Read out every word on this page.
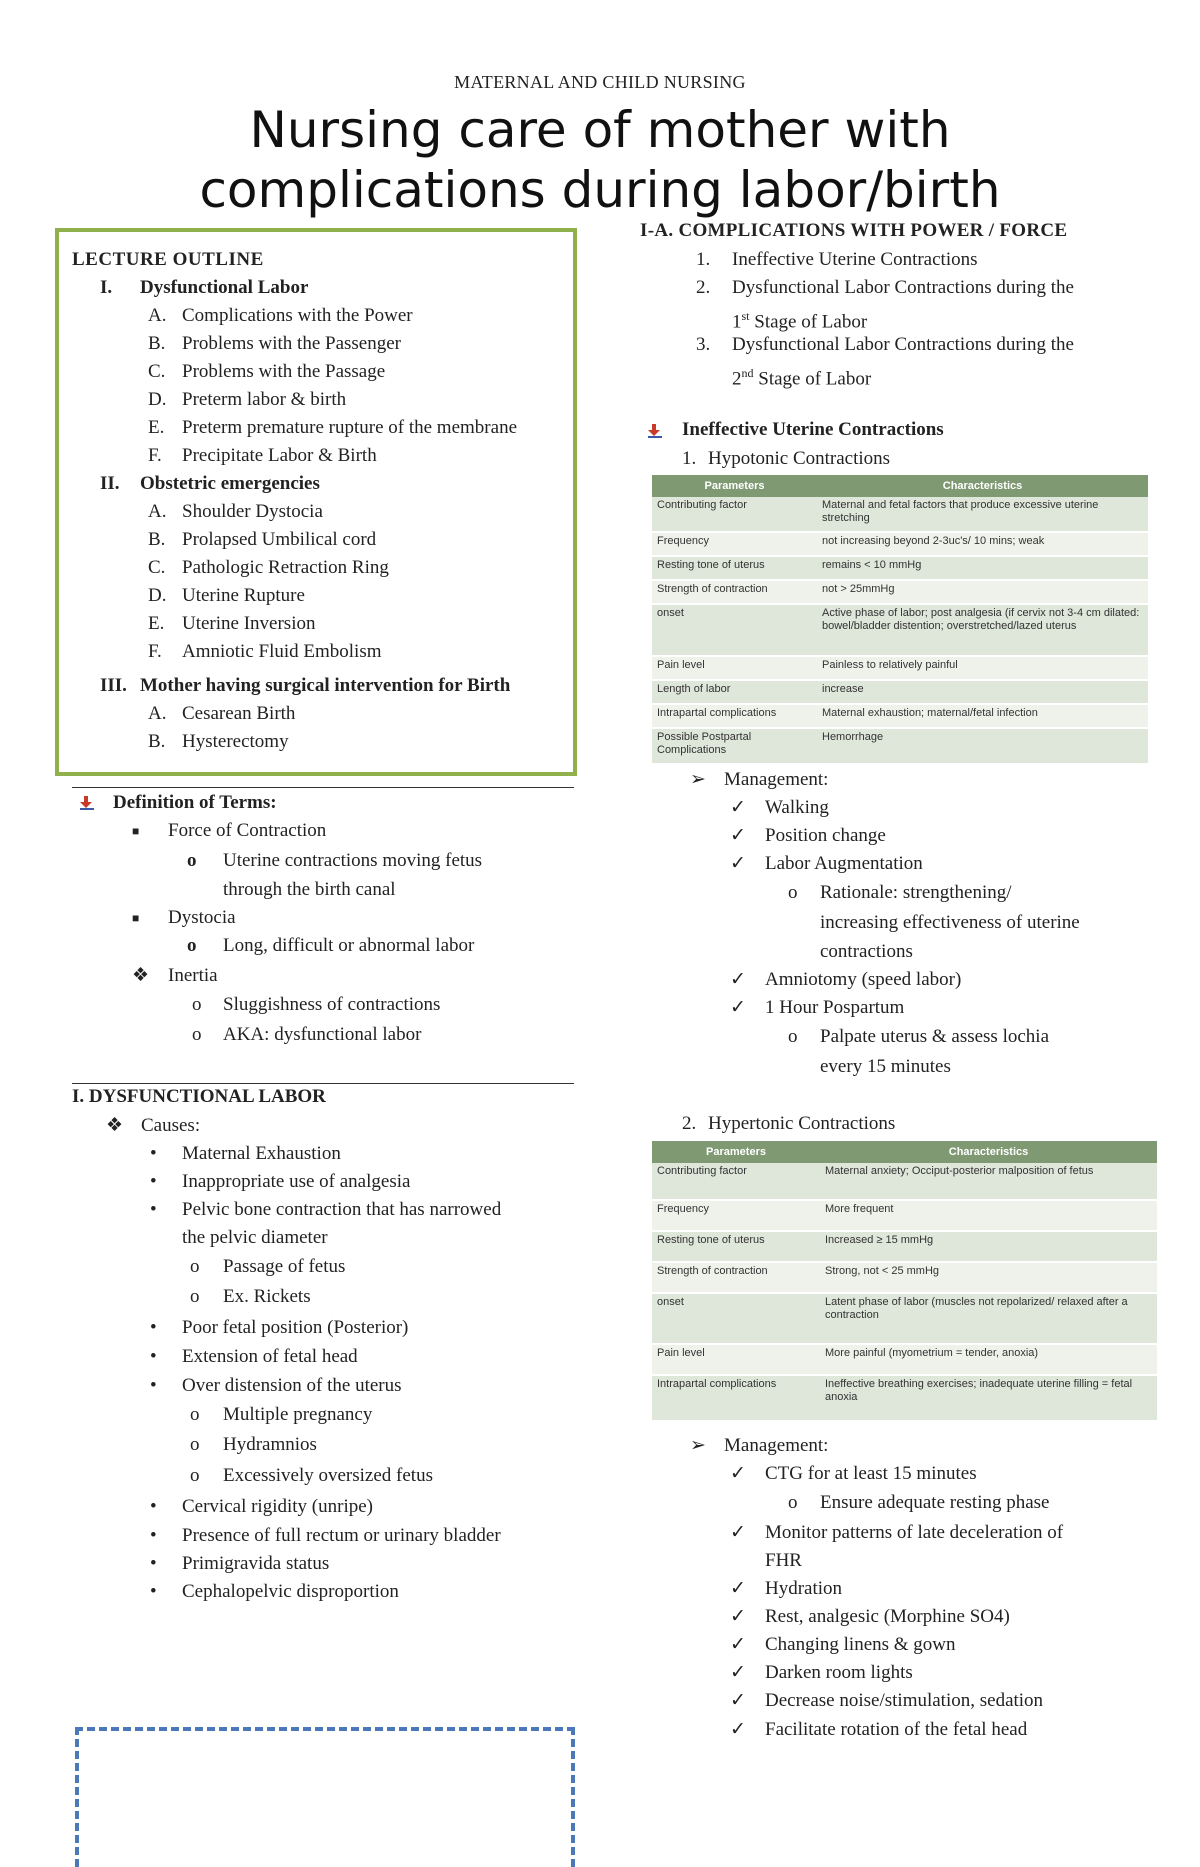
MATERNAL AND CHILD NURSING
Nursing care of mother with
complications during labor/birth
LECTURE OUTLINE
I. Dysfunctional Labor
A. Complications with the Power
B. Problems with the Passenger
C. Problems with the Passage
D. Preterm labor & birth
E. Preterm premature rupture of the membrane
F. Precipitate Labor & Birth
II. Obstetric emergencies
A. Shoulder Dystocia
B. Prolapsed Umbilical cord
C. Pathologic Retraction Ring
D. Uterine Rupture
E. Uterine Inversion
F. Amniotic Fluid Embolism
III. Mother having surgical intervention for Birth
A. Cesarean Birth
B. Hysterectomy
Definition of Terms:
■ Force of Contraction
o Uterine contractions moving fetus
through the birth canal
■ Dystocia
o Long, difficult or abnormal labor
❖ Inertia
o Sluggishness of contractions
o AKA: dysfunctional labor
I. DYSFUNCTIONAL LABOR
❖ Causes:
• Maternal Exhaustion
• Inappropriate use of analgesia
• Pelvic bone contraction that has narrowed
the pelvic diameter
o Passage of fetus
o Ex. Rickets
• Poor fetal position (Posterior)
• Extension of fetal head
• Over distension of the uterus
o Multiple pregnancy
o Hydramnios
o Excessively oversized fetus
• Cervical rigidity (unripe)
• Presence of full rectum or urinary bladder
• Primigravida status
• Cephalopelvic disproportion
I-A. COMPLICATIONS WITH POWER / FORCE
1. Ineffective Uterine Contractions
2. Dysfunctional Labor Contractions during the
1st Stage of Labor
3. Dysfunctional Labor Contractions during the
2nd Stage of Labor
Ineffective Uterine Contractions
1. Hypotonic Contractions
Parameters	Characteristics
Contributing factor	Maternal and fetal factors that produce excessive uterine stretching
Frequency	not increasing beyond 2-3uc's/ 10 mins; weak
Resting tone of uterus	remains < 10 mmHg
Strength of contraction	not > 25mmHg
onset	Active phase of labor; post analgesia (if cervix not 3-4 cm dilated: bowel/bladder distention; overstretched/lazed uterus
Pain level	Painless to relatively painful
Length of labor	increase
Intrapartal complications	Maternal exhaustion; maternal/fetal infection
Possible Postpartal Complications	Hemorrhage
➢ Management:
✓ Walking
✓ Position change
✓ Labor Augmentation
o Rationale: strengthening/
increasing effectiveness of uterine
contractions
✓ Amniotomy (speed labor)
✓ 1 Hour Pospartum
o Palpate uterus & assess lochia
every 15 minutes
2. Hypertonic Contractions
Parameters	Characteristics
Contributing factor	Maternal anxiety; Occiput-posterior malposition of fetus
Frequency	More frequent
Resting tone of uterus	Increased ≥ 15 mmHg
Strength of contraction	Strong, not < 25 mmHg
onset	Latent phase of labor (muscles not repolarized/ relaxed after a contraction
Pain level	More painful (myometrium = tender, anoxia)
Intrapartal complications	Ineffective breathing exercises; inadequate uterine filling = fetal anoxia
➢ Management:
✓ CTG for at least 15 minutes
o Ensure adequate resting phase
✓ Monitor patterns of late deceleration of
FHR
✓ Hydration
✓ Rest, analgesic (Morphine SO4)
✓ Changing linens & gown
✓ Darken room lights
✓ Decrease noise/stimulation, sedation
✓ Facilitate rotation of the fetal head
